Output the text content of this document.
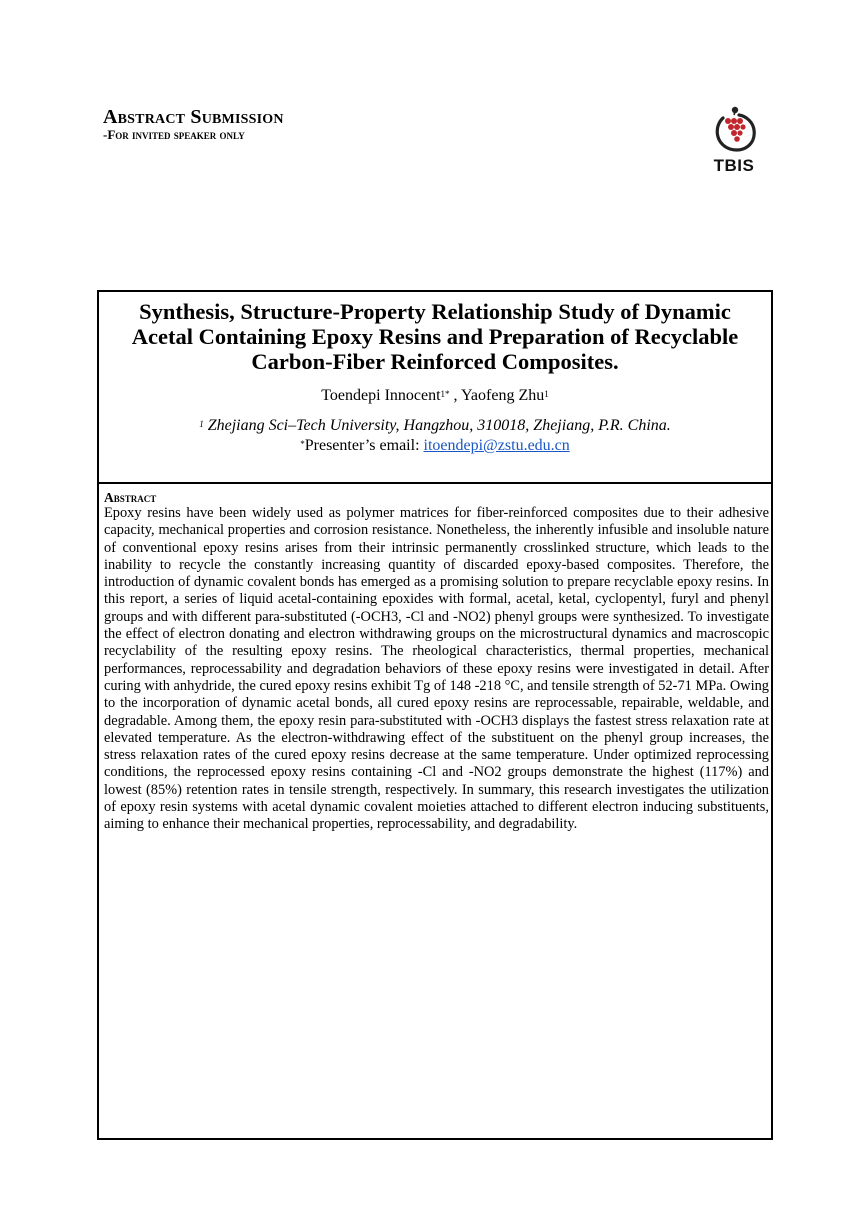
Abstract Submission

-For invited speaker only

TBIS

Synthesis, Structure-Property Relationship Study of Dynamic Acetal Containing Epoxy Resins and Preparation of Recyclable Carbon-Fiber Reinforced Composites.

Toendepi Innocent$^{1*}$ , Yaofeng Zhu$^1$
$^1$ Zhejiang Sci–Tech University, Hangzhou, 310018, Zhejiang, P.R. China.
*Presenter’s email: itoendepi@zstu.edu.cn

Abstract

Epoxy resins have been widely used as polymer matrices for fiber-reinforced composites due to their adhesive capacity, mechanical properties and corrosion resistance. Nonetheless, the inherently infusible and insoluble nature of conventional epoxy resins arises from their intrinsic permanently crosslinked structure, which leads to the inability to recycle the constantly increasing quantity of discarded epoxy-based composites. Therefore, the introduction of dynamic covalent bonds has emerged as a promising solution to prepare recyclable epoxy resins. In this report, a series of liquid acetal-containing epoxides with formal, acetal, ketal, cyclopentyl, furyl and phenyl groups and with different para-substituted (-OCH3, -Cl and -NO2) phenyl groups were synthesized. To investigate the effect of electron donating and electron withdrawing groups on the microstructural dynamics and macroscopic recyclability of the resulting epoxy resins. The rheological characteristics, thermal properties, mechanical performances, reprocessability and degradation behaviors of these epoxy resins were investigated in detail. After curing with anhydride, the cured epoxy resins exhibit Tg of 148 -218 °C, and tensile strength of 52-71 MPa. Owing to the incorporation of dynamic acetal bonds, all cured epoxy resins are reprocessable, repairable, weldable, and degradable. Among them, the epoxy resin para-substituted with -OCH3 displays the fastest stress relaxation rate at elevated temperature. As the electron-withdrawing effect of the substituent on the phenyl group increases, the stress relaxation rates of the cured epoxy resins decrease at the same temperature. Under optimized reprocessing conditions, the reprocessed epoxy resins containing -Cl and -NO2 groups demonstrate the highest (117%) and lowest (85%) retention rates in tensile strength, respectively. In summary, this research investigates the utilization of epoxy resin systems with acetal dynamic covalent moieties attached to different electron inducing substituents, aiming to enhance their mechanical properties, reprocessability, and degradability.
